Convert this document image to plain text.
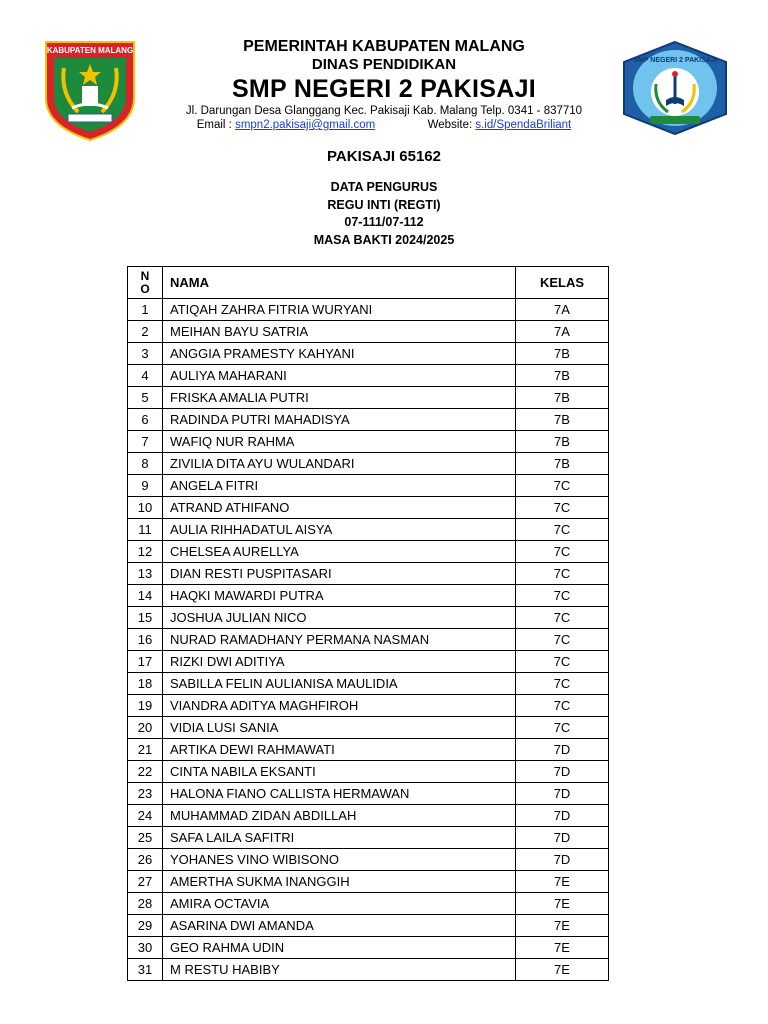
KABUPATEN MALANG	PEMERINTAH KABUPATEN MALANG
DINAS PENDIDIKAN
SMP NEGERI 2 PAKISAJI
Jl. Darungan Desa Glanggang Kec. Pakisaji Kab. Malang Telp. 0341 - 837710
Email : smpn2.pakisaji@gmail.com	Website: s.id/SpendaBriliant
SMP NEGERI 2 PAKISAJI
PAKISAJI 65162
DATA PENGURUS
REGU INTI (REGTI)
07-111/07-112
MASA BAKTI 2024/2025
N
O	NAMA	KELAS
1	ATIQAH ZAHRA FITRIA WURYANI	7A
2	MEIHAN BAYU SATRIA	7A
3	ANGGIA PRAMESTY KAHYANI	7B
4	AULIYA MAHARANI	7B
5	FRISKA AMALIA PUTRI	7B
6	RADINDA PUTRI MAHADISYA	7B
7	WAFIQ NUR RAHMA	7B
8	ZIVILIA DITA AYU WULANDARI	7B
9	ANGELA FITRI	7C
10	ATRAND ATHIFANO	7C
11	AULIA RIHHADATUL AISYA	7C
12	CHELSEA AURELLYA	7C
13	DIAN RESTI PUSPITASARI	7C
14	HAQKI MAWARDI PUTRA	7C
15	JOSHUA JULIAN NICO	7C
16	NURAD RAMADHANY PERMANA NASMAN	7C
17	RIZKI DWI ADITIYA	7C
18	SABILLA FELIN AULIANISA MAULIDIA	7C
19	VIANDRA ADITYA MAGHFIROH	7C
20	VIDIA LUSI SANIA	7C
21	ARTIKA DEWI RAHMAWATI	7D
22	CINTA NABILA EKSANTI	7D
23	HALONA FIANO CALLISTA HERMAWAN	7D
24	MUHAMMAD ZIDAN ABDILLAH	7D
25	SAFA LAILA SAFITRI	7D
26	YOHANES VINO WIBISONO	7D
27	AMERTHA SUKMA INANGGIH	7E
28	AMIRA OCTAVIA	7E
29	ASARINA DWI AMANDA	7E
30	GEO RAHMA UDIN	7E
31	M RESTU HABIBY	7E
